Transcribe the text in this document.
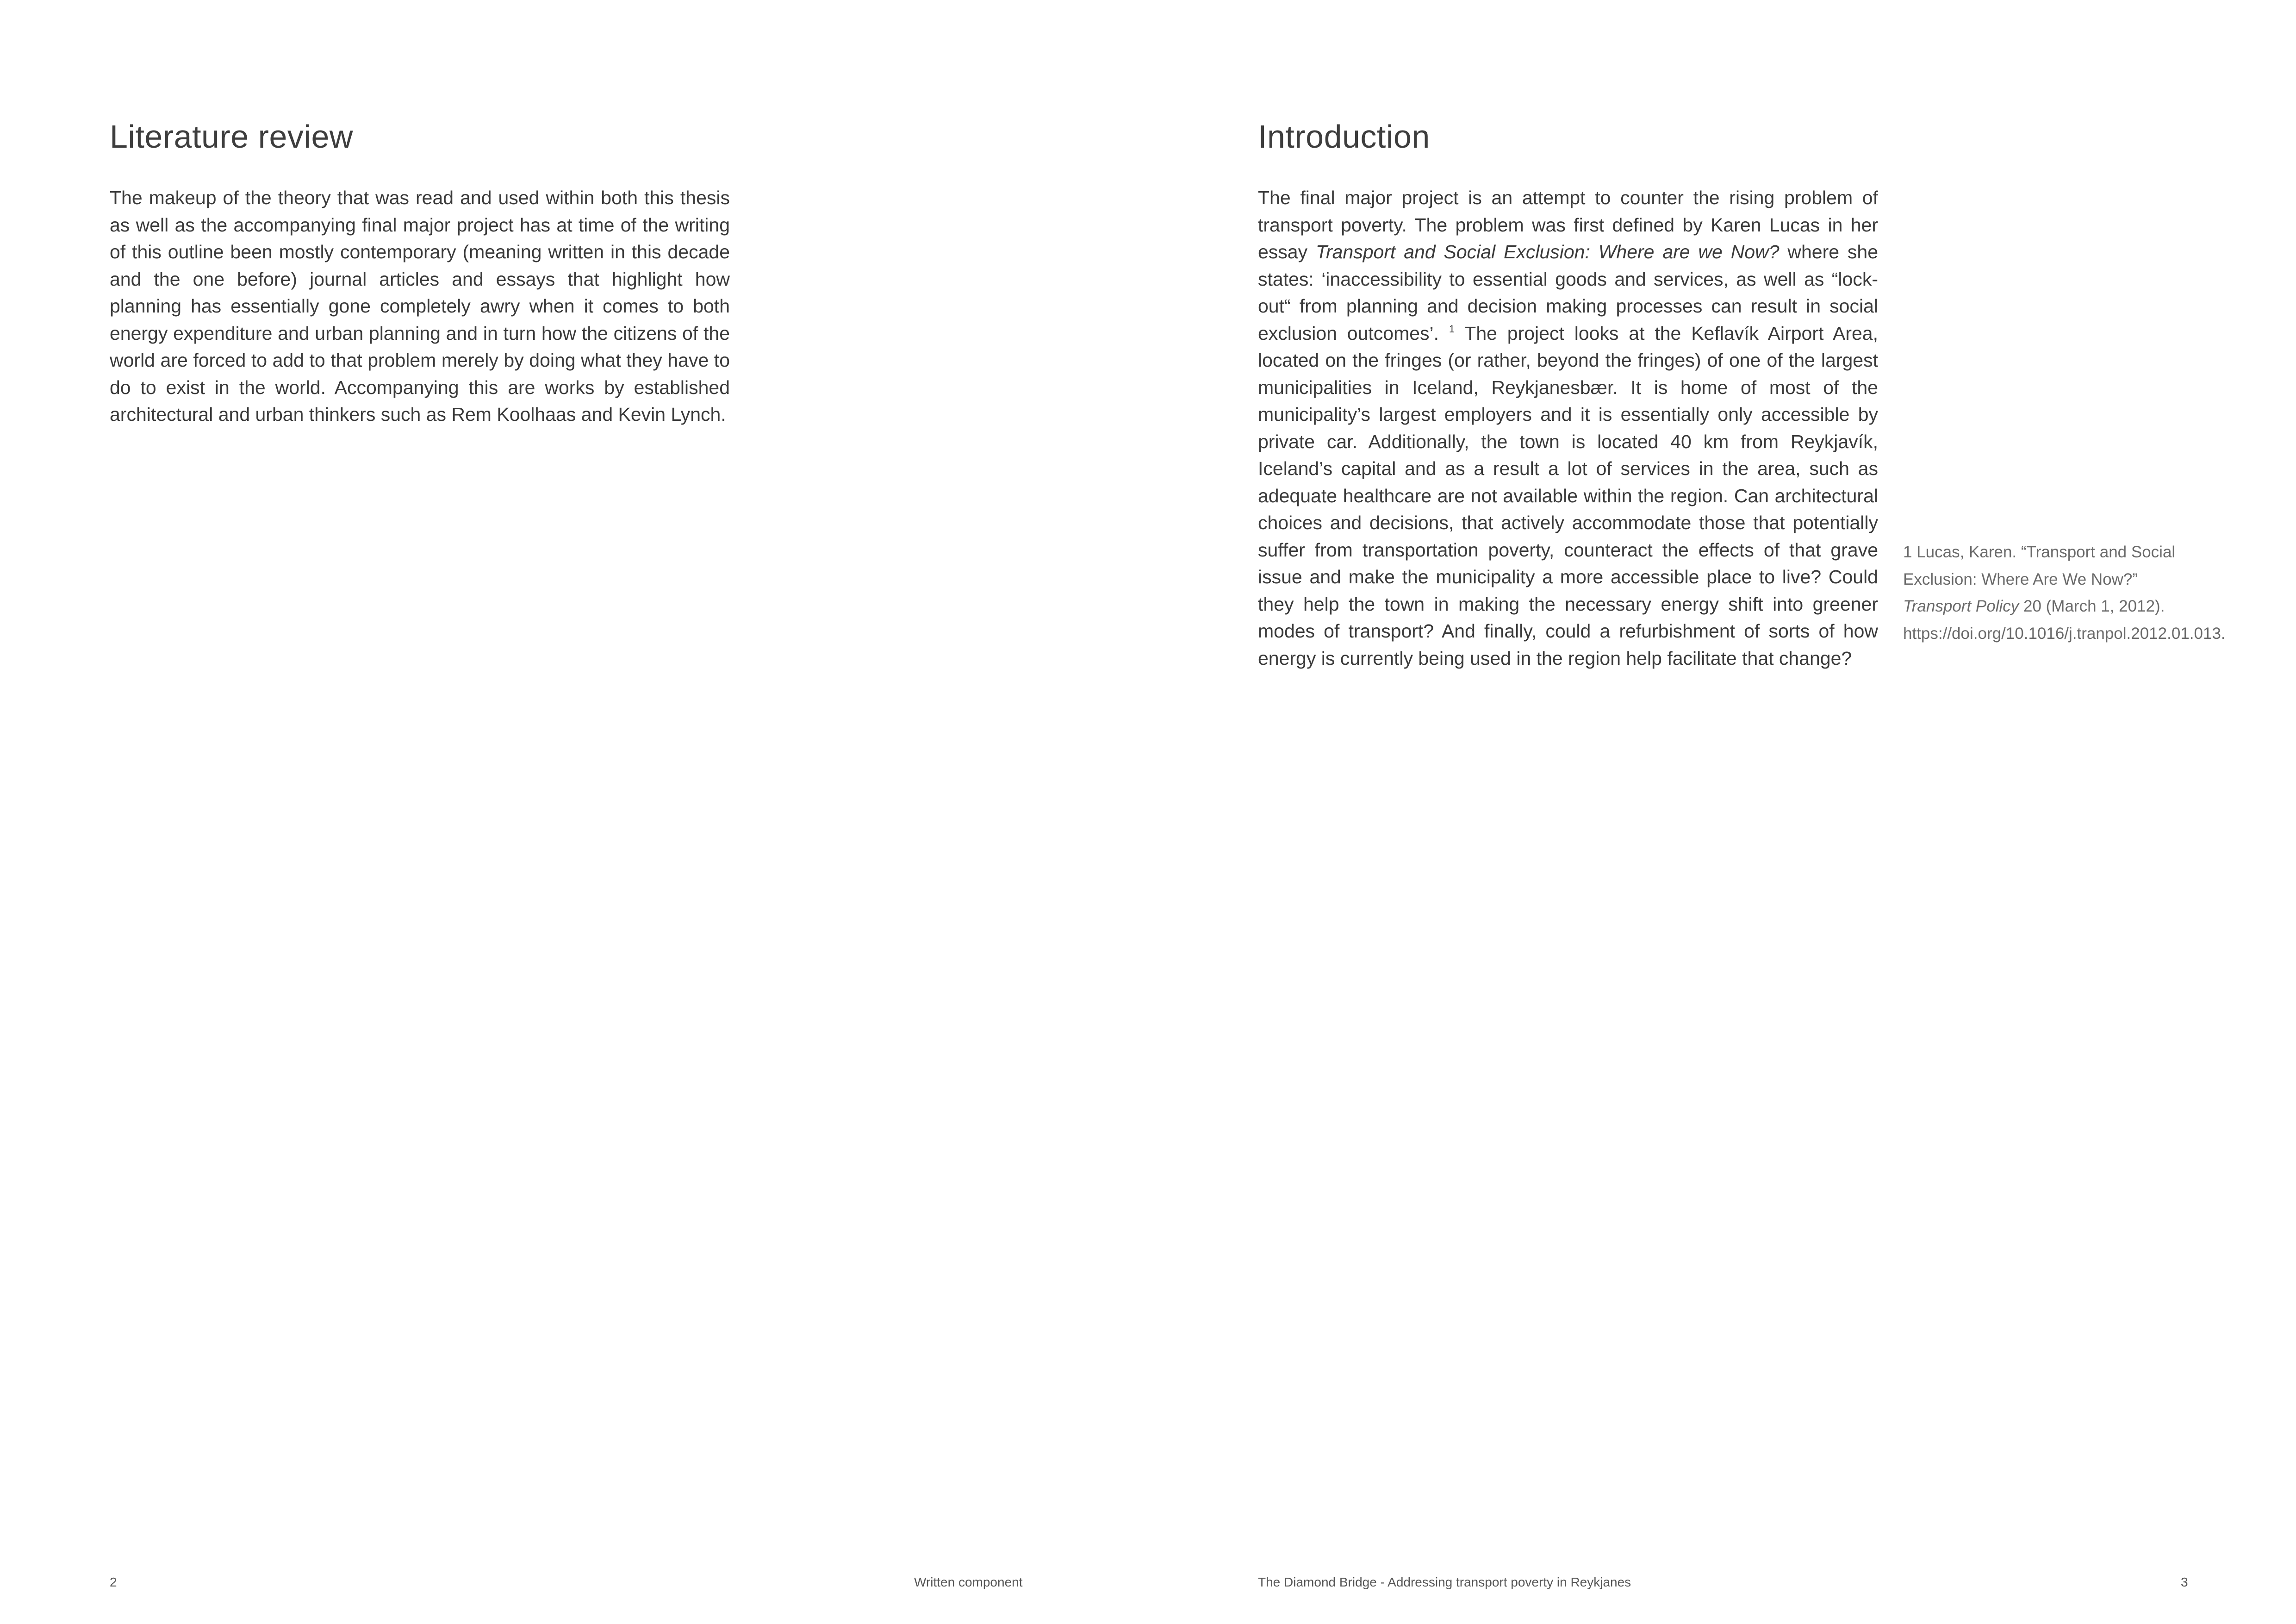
Literature review

The makeup of the theory that was read and used within both this thesis as well as the accompanying final major project has at time of the writing of this outline been mostly contemporary (meaning written in this decade and the one before) journal articles and essays that highlight how planning has essentially gone completely awry when it comes to both energy expenditure and urban planning and in turn how the citizens of the world are forced to add to that problem merely by doing what they have to do to exist in the world. Accompanying this are works by established architectural and urban thinkers such as Rem Koolhaas and Kevin Lynch.

2	Written component
Introduction

The final major project is an attempt to counter the rising problem of transport poverty. The problem was first defined by Karen Lucas in her essay Transport and Social Exclusion: Where are we Now? where she states: ‘inaccessibility to essential goods and services, as well as “lock-out“ from planning and decision making processes can result in social exclusion outcomes’. $^1$ The project looks at the Keflavík Airport Area, located on the fringes (or rather, beyond the fringes) of one of the largest municipalities in Iceland, Reykjanesbær. It is home of most of the municipality’s largest employers and it is essentially only accessible by private car. Additionally, the town is located 40 km from Reykjavík, Iceland’s capital and as a result a lot of services in the area, such as adequate healthcare are not available within the region. Can architectural choices and decisions, that actively accommodate those that potentially suffer from transportation poverty, counteract the effects of that grave issue and make the municipality a more accessible place to live? Could they help the town in making the necessary energy shift into greener modes of transport? And finally, could a refurbishment of sorts of how energy is currently being used in the region help facilitate that change?

The Diamond Bridge - Addressing transport poverty in Reykjanes	3
1 Lucas, Karen. “Transport and Social Exclusion: Where Are We Now?” Transport Policy 20 (March 1, 2012). https://doi.org/10.1016/j.tranpol.2012.01.013.
